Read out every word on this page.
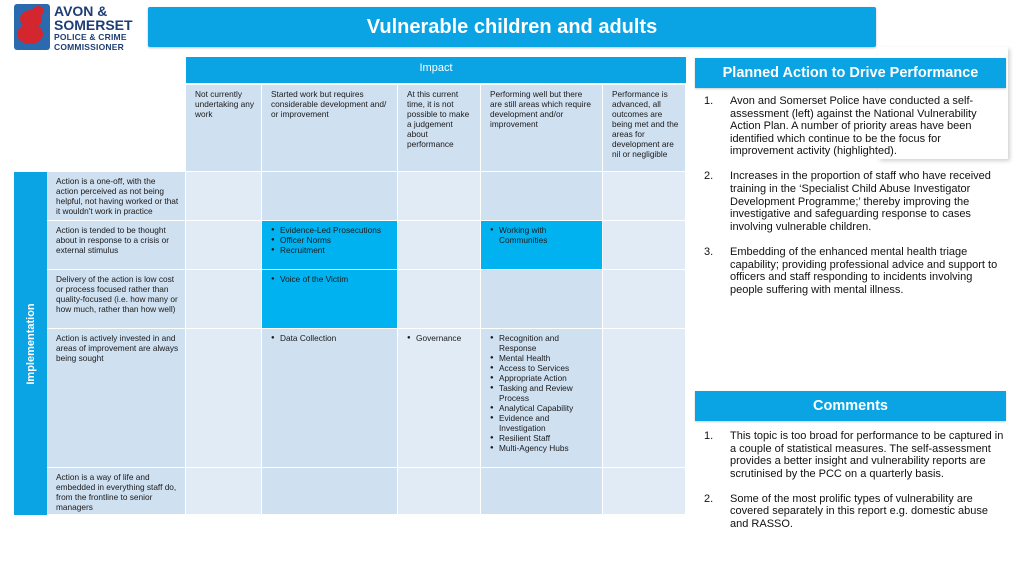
AVON &
SOMERSET
POLICE & CRIME
COMMISSIONER
Vulnerable children and adults
Impact
Implementation
Not currently undertaking any work
Started work but requires considerable development and/ or improvement
At this current time, it is not possible to make a judgement about performance
Performing well but there are still areas which require development and/or improvement
Performance is advanced, all outcomes are being met and the areas for development are nil or negligible
Action is a one-off, with the action perceived as not being helpful, not having worked or that it wouldn't work in practice
Action is tended to be thought about in response to a crisis or external stimulus
● Evidence-Led Prosecutions
● Officer Norms
● Recruitment
● Working with Communities
Delivery of the action is low cost or process focused rather than quality-focused (i.e. how many or how much, rather than how well)
● Voice of the Victim
Action is actively invested in and areas of improvement are always being sought
● Data Collection	● Governance	● Recognition and Response
● Mental Health
● Access to Services
● Appropriate Action
● Tasking and Review Process
● Analytical Capability
● Evidence and Investigation
● Resilient Staff
● Multi-Agency Hubs
Action is a way of life and embedded in everything staff do, from the frontline to senior managers
Planned Action to Drive Performance
1. Avon and Somerset Police have conducted a self-assessment (left) against the National Vulnerability Action Plan. A number of priority areas have been identified which continue to be the focus for improvement activity (highlighted).
2. Increases in the proportion of staff who have received training in the ‘Specialist Child Abuse Investigator Development Programme;’ thereby improving the investigative and safeguarding response to cases involving vulnerable children.
3. Embedding of the enhanced mental health triage capability; providing professional advice and support to officers and staff responding to incidents involving people suffering with mental illness.
Comments
1. This topic is too broad for performance to be captured in a couple of statistical measures. The self-assessment provides a better insight and vulnerability reports are scrutinised by the PCC on a quarterly basis.
2. Some of the most prolific types of vulnerability are covered separately in this report e.g. domestic abuse and RASSO.
